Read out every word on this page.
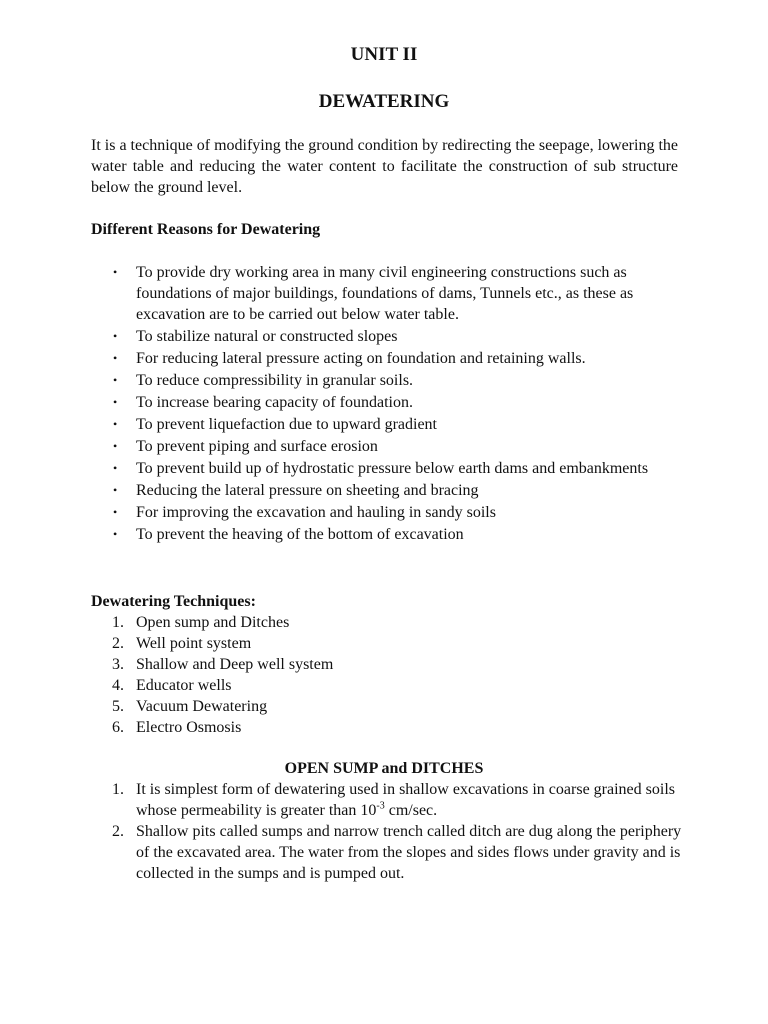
UNIT II
DEWATERING

It is a technique of modifying the ground condition by redirecting the seepage, lowering the water table and reducing the water content to facilitate the construction of sub structure below the ground level.

Different Reasons for Dewatering

• To provide dry working area in many civil engineering constructions such as foundations of major buildings, foundations of dams, Tunnels etc., as these as excavation are to be carried out below water table.
• To stabilize natural or constructed slopes
• For reducing lateral pressure acting on foundation and retaining walls.
• To reduce compressibility in granular soils.
• To increase bearing capacity of foundation.
• To prevent liquefaction due to upward gradient
• To prevent piping and surface erosion
• To prevent build up of hydrostatic pressure below earth dams and embankments
• Reducing the lateral pressure on sheeting and bracing
• For improving the excavation and hauling in sandy soils
• To prevent the heaving of the bottom of excavation

Dewatering Techniques:

1. Open sump and Ditches
2. Well point system
3. Shallow and Deep well system
4. Educator wells
5. Vacuum Dewatering
6. Electro Osmosis

OPEN SUMP and DITCHES

1. It is simplest form of dewatering used in shallow excavations in coarse grained soils whose permeability is greater than $10^{-3}$ cm/sec.
2. Shallow pits called sumps and narrow trench called ditch are dug along the periphery of the excavated area. The water from the slopes and sides flows under gravity and is collected in the sumps and is pumped out.
